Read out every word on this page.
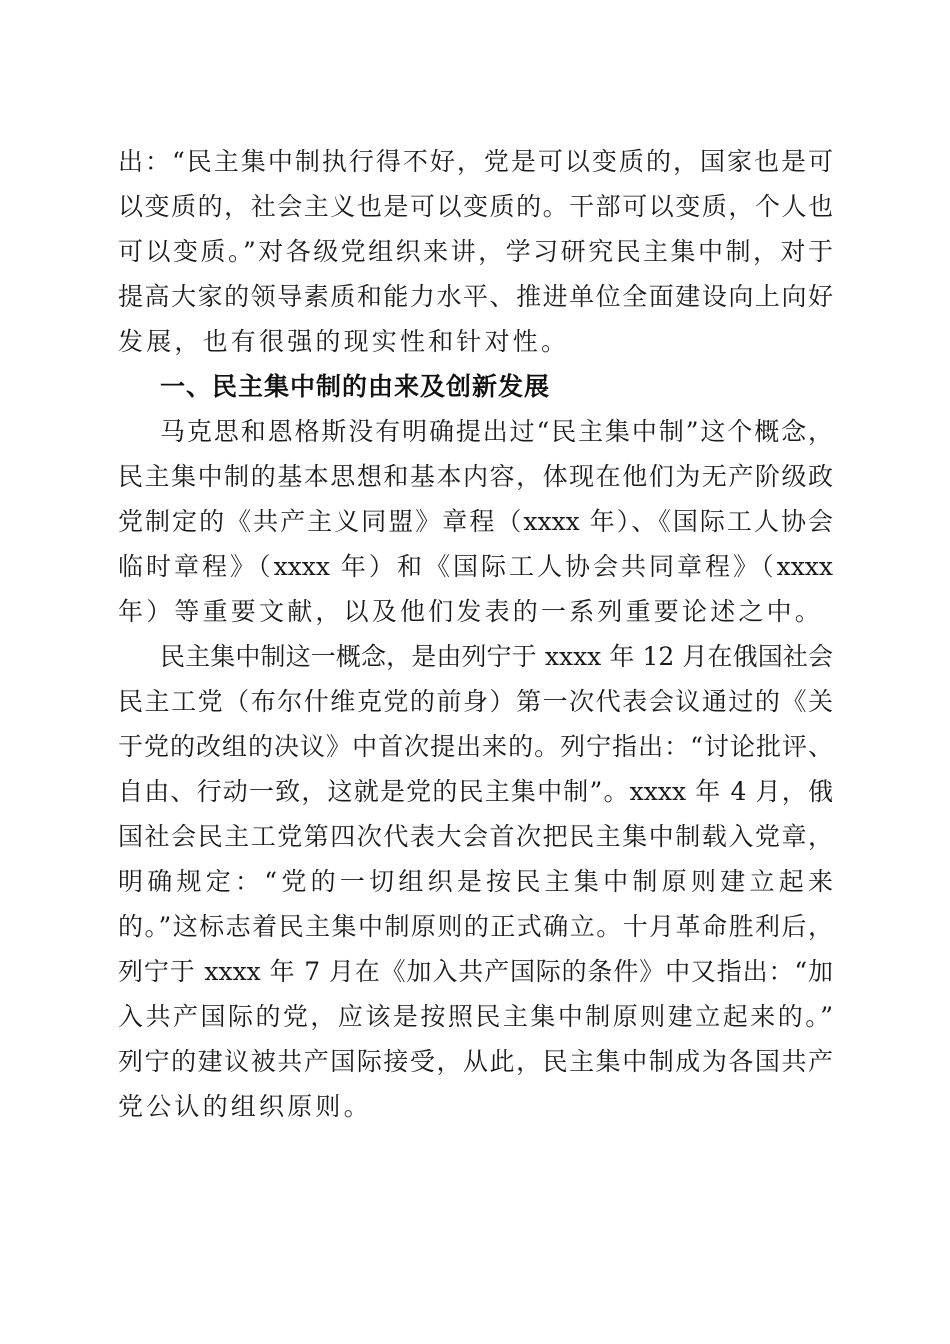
出：“民主集中制执行得不好，党是可以变质的，国家也是可
以变质的，社会主义也是可以变质的。干部可以变质，个人也
可以变质。”对各级党组织来讲，学习研究民主集中制，对于
提高大家的领导素质和能力水平、推进单位全面建设向上向好
发展，也有很强的现实性和针对性。
一、民主集中制的由来及创新发展
马克思和恩格斯没有明确提出过“民主集中制”这个概念，
民主集中制的基本思想和基本内容，体现在他们为无产阶级政
党制定的《共产主义同盟》章程（xxxx 年）、《国际工人协会
临时章程》（xxxx 年）和《国际工人协会共同章程》（xxxx
年）等重要文献，以及他们发表的一系列重要论述之中。
民主集中制这一概念，是由列宁于 xxxx 年 12 月在俄国社会
民主工党（布尔什维克党的前身）第一次代表会议通过的《关
于党的改组的决议》中首次提出来的。列宁指出：“讨论批评、
自由、行动一致，这就是党的民主集中制”。xxxx 年 4 月，俄
国社会民主工党第四次代表大会首次把民主集中制载入党章，
明确规定：“党的一切组织是按民主集中制原则建立起来
的。”这标志着民主集中制原则的正式确立。十月革命胜利后，
列宁于 xxxx 年 7 月在《加入共产国际的条件》中又指出：“加
入共产国际的党，应该是按照民主集中制原则建立起来的。”
列宁的建议被共产国际接受，从此，民主集中制成为各国共产
党公认的组织原则。
